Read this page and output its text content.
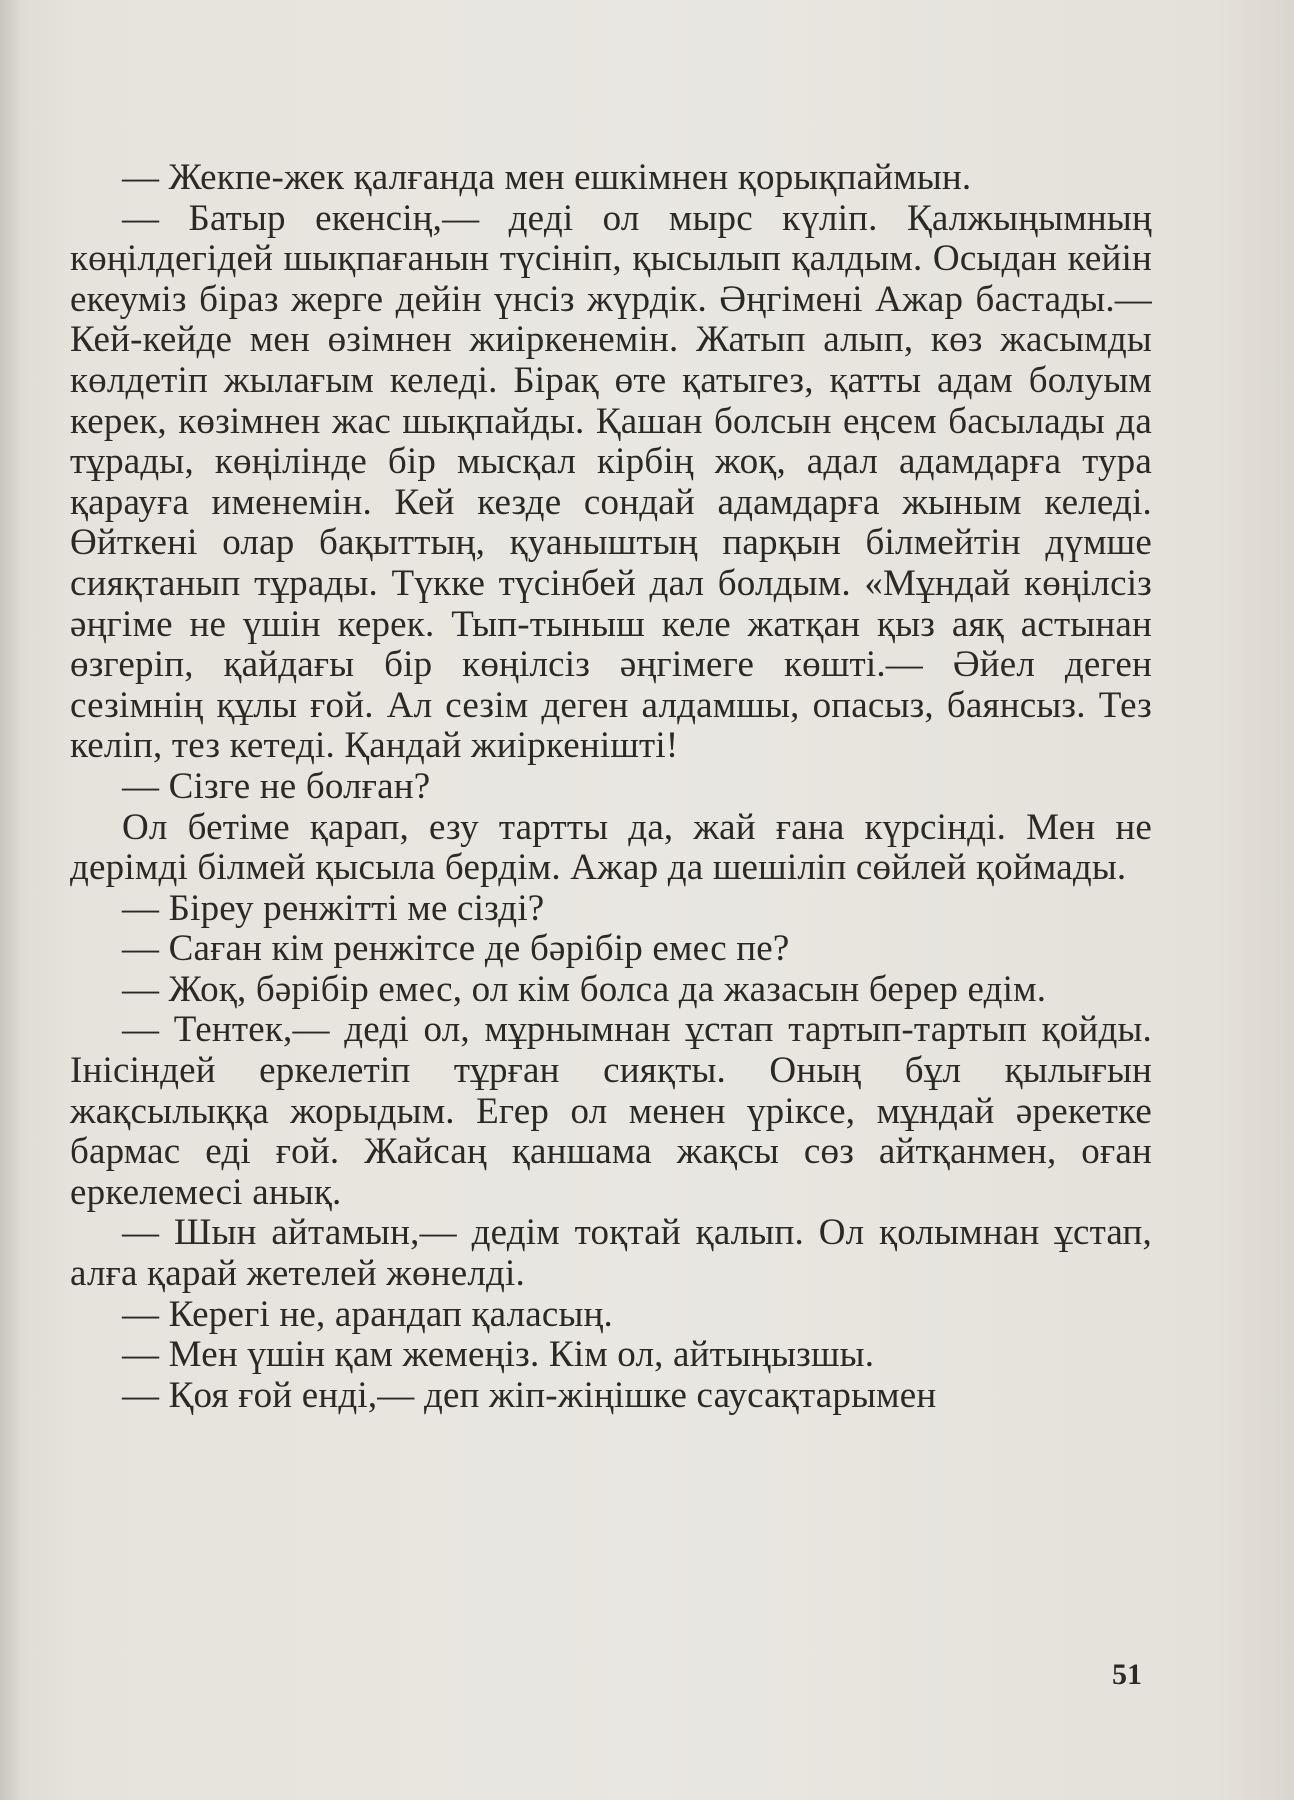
— Жекпе-жек қалғанда мен ешкімнен қорықпаймын.

— Батыр екенсің,— деді ол мырс күліп. Қалжыңымның көңілдегідей шықпағанын түсініп, қысылып қалдым. Осыдан кейін екеуміз біраз жерге дейін үнсіз жүрдік. Әңгімені Ажар бастады.—Кей-кейде мен өзімнен жиіркенемін. Жатып алып, көз жасымды көлдетіп жылағым келеді. Бірақ өте қатыгез, қатты адам болуым керек, көзімнен жас шықпайды. Қашан болсын еңсем басылады да тұрады, көңілінде бір мысқал кірбің жоқ, адал адамдарға тура қарауға именемін. Кей кезде сондай адамдарға жыным келеді. Өйткені олар бақыттың, қуаныштың парқын білмейтін дүмше сияқтанып тұрады. Түкке түсінбей дал болдым. «Мұндай көңілсіз әңгіме не үшін керек. Тып-тыныш келе жатқан қыз аяқ астынан өзгеріп, қайдағы бір көңілсіз әңгімеге көшті.— Әйел деген сезімнің құлы ғой. Ал сезім деген алдамшы, опасыз, баянсыз. Тез келіп, тез кетеді. Қандай жиіркенішті!

— Сізге не болған?

Ол бетіме қарап, езу тартты да, жай ғана күрсінді. Мен не дерімді білмей қысыла бердім. Ажар да шешіліп сөйлей қоймады.

— Біреу ренжітті ме сізді?

— Саған кім ренжітсе де бәрібір емес пе?

— Жоқ, бәрібір емес, ол кім болса да жазасын берер едім.

— Тентек,— деді ол, мұрнымнан ұстап тартып-тартып қойды. Інісіндей еркелетіп тұрған сияқты. Оның бұл қылығын жақсылыққа жорыдым. Егер ол менен үріксе, мұндай әрекетке бармас еді ғой. Жайсаң қаншама жақсы сөз айтқанмен, оған еркелемесі анық.

— Шын айтамын,— дедім тоқтай қалып. Ол қолымнан ұстап, алға қарай жетелей жөнелді.

— Керегі не, арандап қаласың.

— Мен үшін қам жемеңіз. Кім ол, айтыңызшы.

— Қоя ғой енді,— деп жіп-жіңішке саусақтарымен

51
